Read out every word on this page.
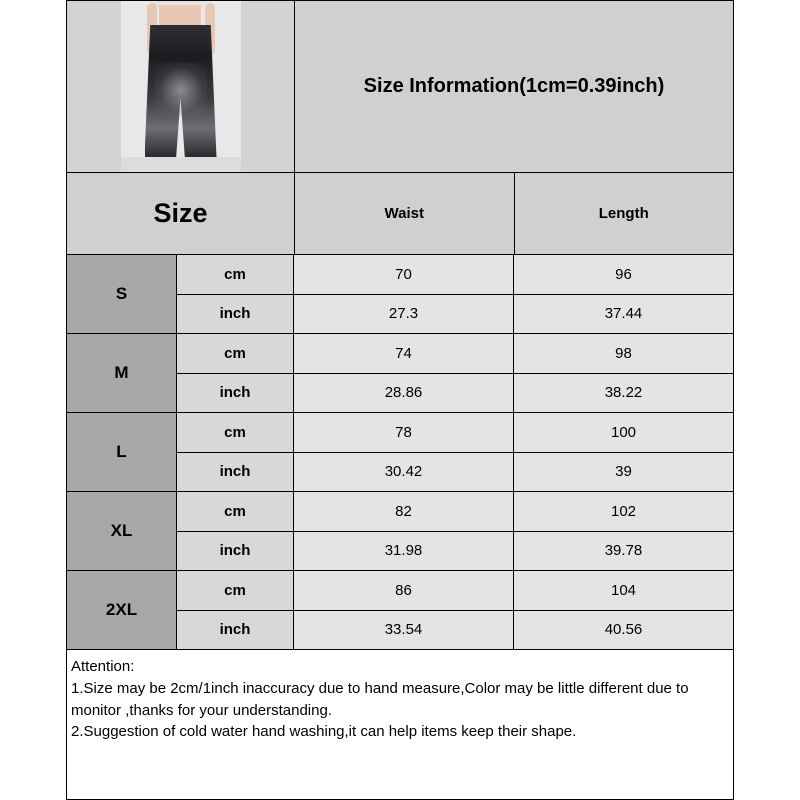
Size Information(1cm=0.39inch)
Size	Waist	Length
S
cm	70	96
inch	27.3	37.44
M
cm	74	98
inch	28.86	38.22
L
cm	78	100
inch	30.42	39
XL
cm	82	102
inch	31.98	39.78
2XL
cm	86	104
inch	33.54	40.56

Attention:

1.Size may be 2cm/1inch inaccuracy due to hand measure,Color may be little different due to monitor ,thanks for your understanding.

2.Suggestion of cold water hand washing,it can help items keep their shape.
